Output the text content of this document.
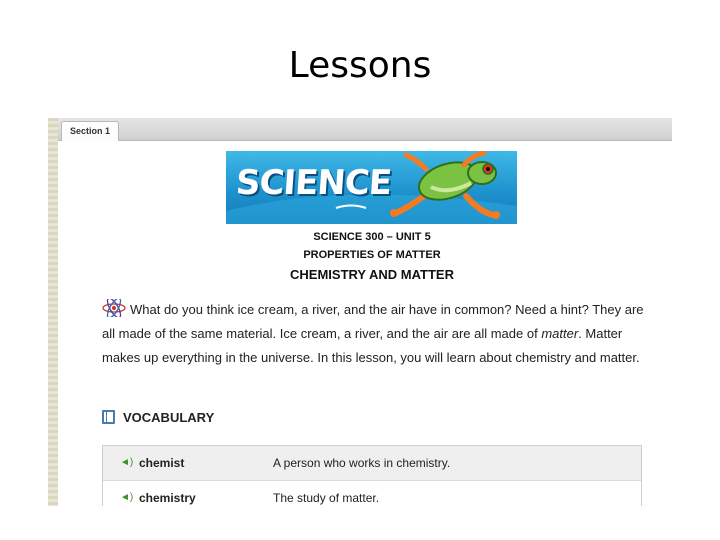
Lessons
Section 1
SCIENCE
SCIENCE 300 – UNIT 5
PROPERTIES OF MATTER
CHEMISTRY AND MATTER
What do you think ice cream, a river, and the air have in common? Need a hint? They are all made of the same material. Ice cream, a river, and the air are all made of matter. Matter makes up everything in the universe. In this lesson, you will learn about chemistry and matter.
VOCABULARY
◄) chemist	A person who works in chemistry.
◄) chemistry	The study of matter.
